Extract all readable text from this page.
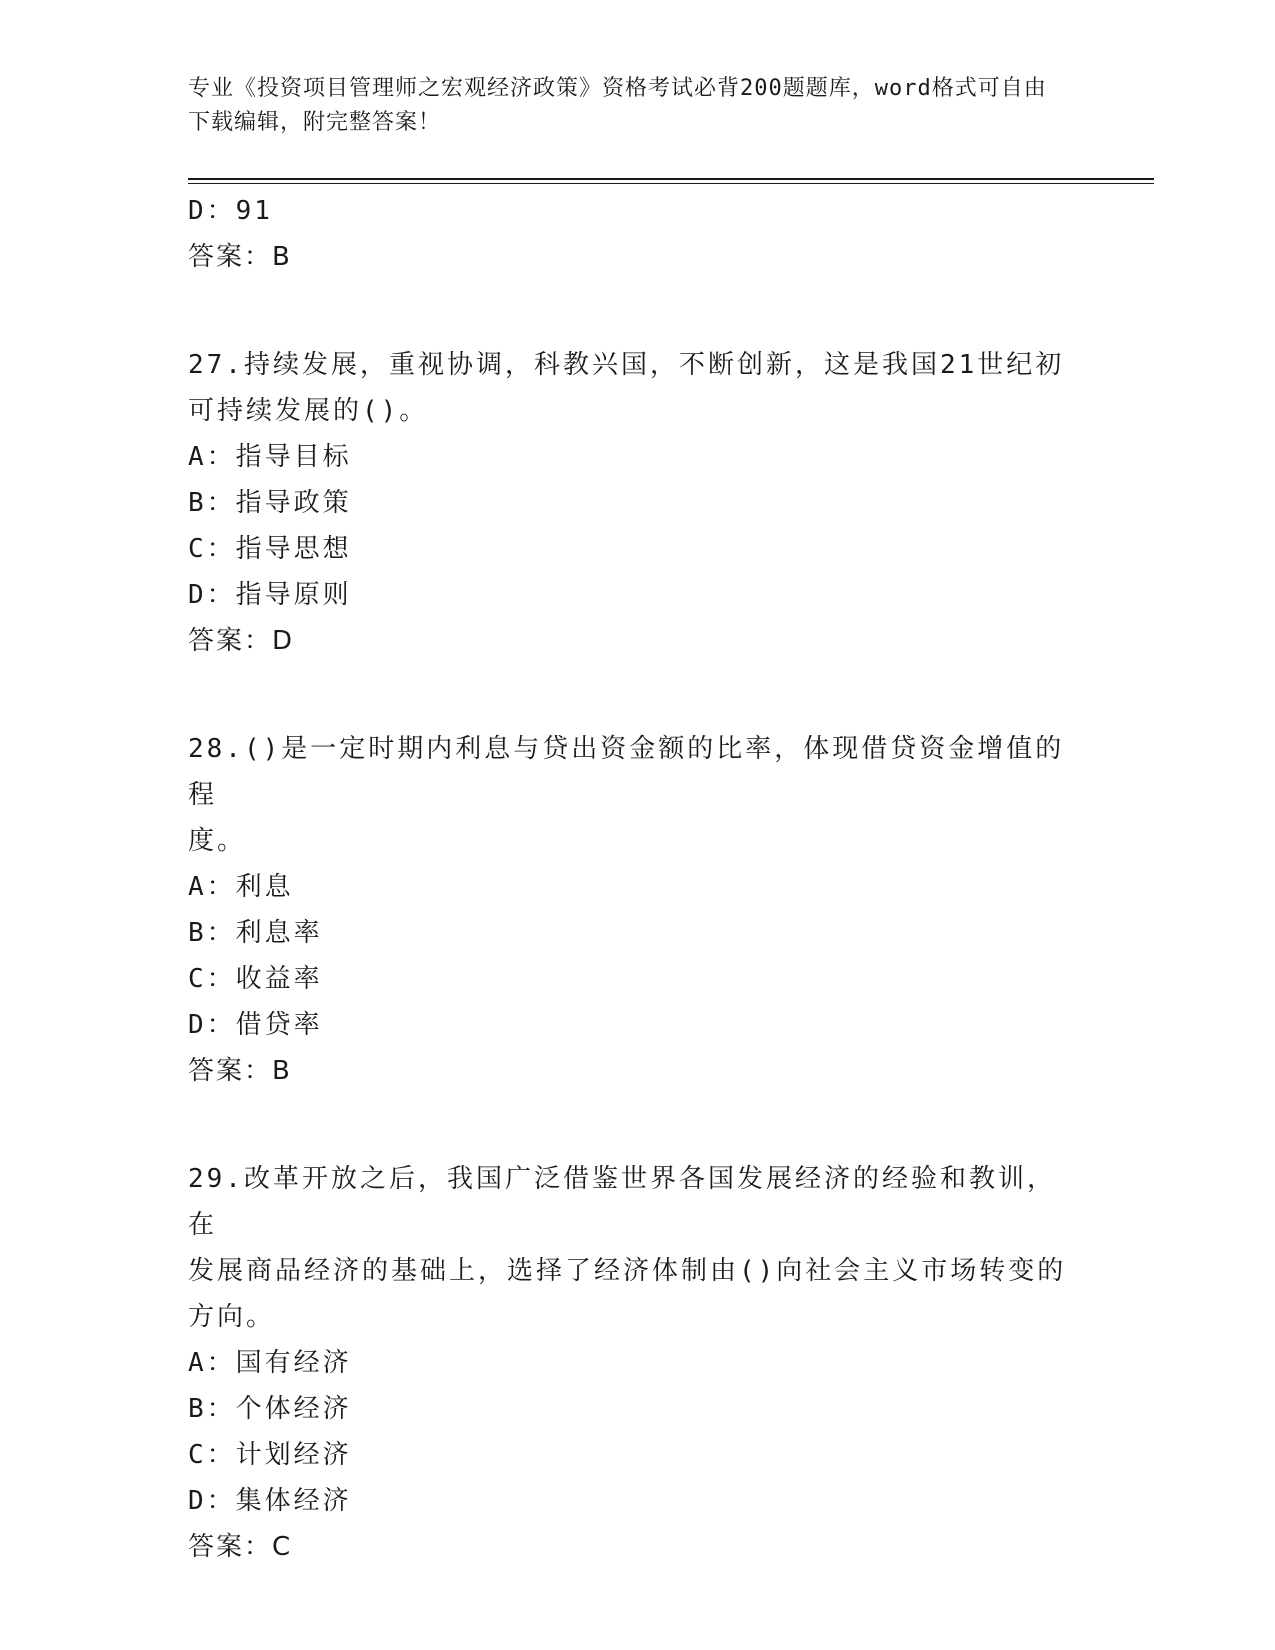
专业《投资项目管理师之宏观经济政策》资格考试必背200题题库，word格式可自由下载编辑，附完整答案！
D：91
答案：B
27.持续发展，重视协调，科教兴国，不断创新，这是我国21世纪初
可持续发展的()。
A：指导目标
B：指导政策
C：指导思想
D：指导原则
答案：D
28.()是一定时期内利息与贷出资金额的比率，体现借贷资金增值的程
度。
A：利息
B：利息率
C：收益率
D：借贷率
答案：B
29.改革开放之后，我国广泛借鉴世界各国发展经济的经验和教训，在
发展商品经济的基础上，选择了经济体制由()向社会主义市场转变的
方向。
A：国有经济
B：个体经济
C：计划经济
D：集体经济
答案：C
